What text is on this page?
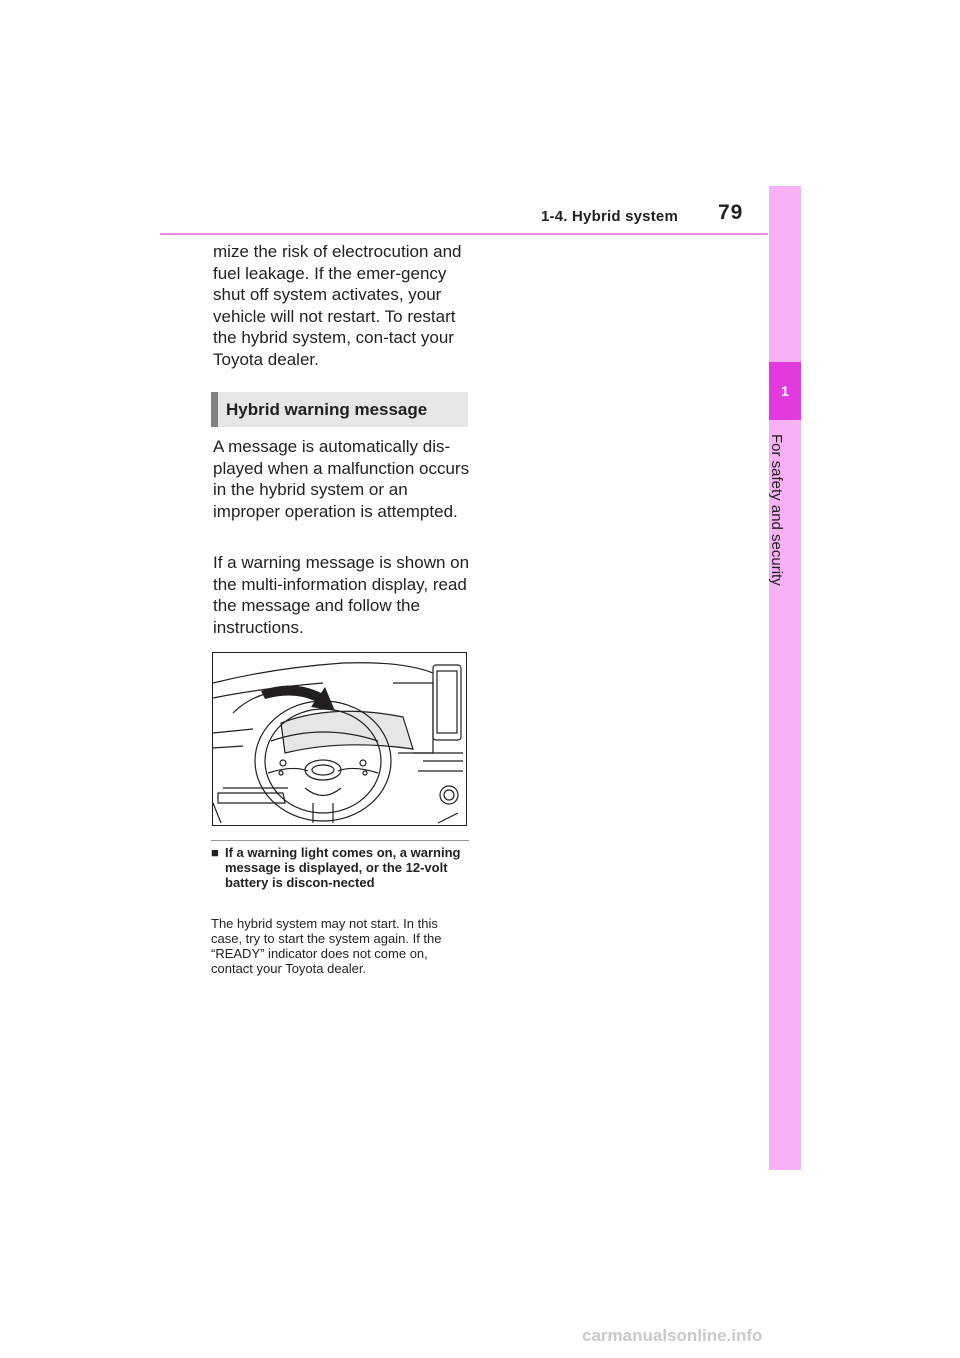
1-4. Hybrid system 79
1
For safety and security

mize the risk of electrocution and fuel leakage. If the emer-gency shut off system activates, your vehicle will not restart. To restart the hybrid system, con-tact your Toyota dealer.

Hybrid warning message

A message is automatically dis-played when a malfunction occurs in the hybrid system or an improper operation is attempted.

If a warning message is shown on the multi-information display, read the message and follow the instructions.

■ If a warning light comes on, a warning message is displayed, or the 12-volt battery is discon-nected

The hybrid system may not start. In this case, try to start the system again. If the “READY” indicator does not come on, contact your Toyota dealer.

carmanualsonline.info
